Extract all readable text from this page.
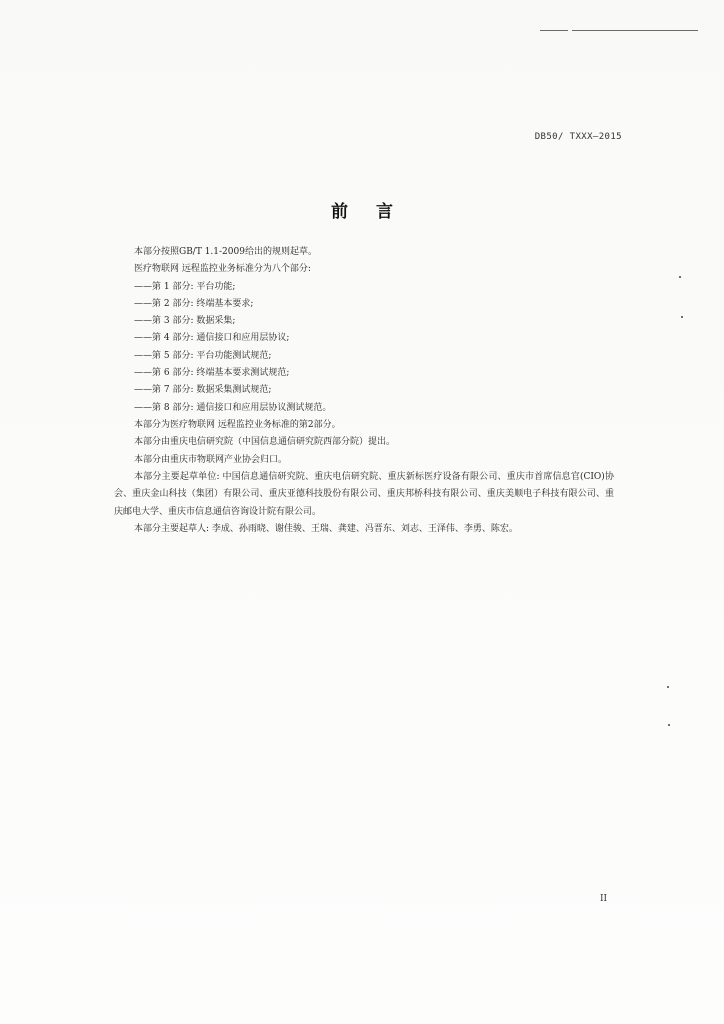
DB50/ TXXX—2015
前 言

本部分按照GB/T 1.1-2009给出的规则起草。

医疗物联网 远程监控业务标准分为八个部分:

——第 1 部分: 平台功能;

——第 2 部分: 终端基本要求;

——第 3 部分: 数据采集;

——第 4 部分: 通信接口和应用层协议;

——第 5 部分: 平台功能测试规范;

——第 6 部分: 终端基本要求测试规范;

——第 7 部分: 数据采集测试规范;

——第 8 部分: 通信接口和应用层协议测试规范。

本部分为医疗物联网 远程监控业务标准的第2部分。

本部分由重庆电信研究院（中国信息通信研究院西部分院）提出。

本部分由重庆市物联网产业协会归口。

本部分主要起草单位: 中国信息通信研究院、重庆电信研究院、重庆新标医疗设备有限公司、重庆市首席信息官(CIO)协会、重庆金山科技（集团）有限公司、重庆亚德科技股份有限公司、重庆邦桥科技有限公司、重庆美顺电子科技有限公司、重庆邮电大学、重庆市信息通信咨询设计院有限公司。

本部分主要起草人: 李成、孙雨晓、谢佳骏、王瑞、龚建、冯晋东、刘志、王泽伟、李勇、陈宏。

II
